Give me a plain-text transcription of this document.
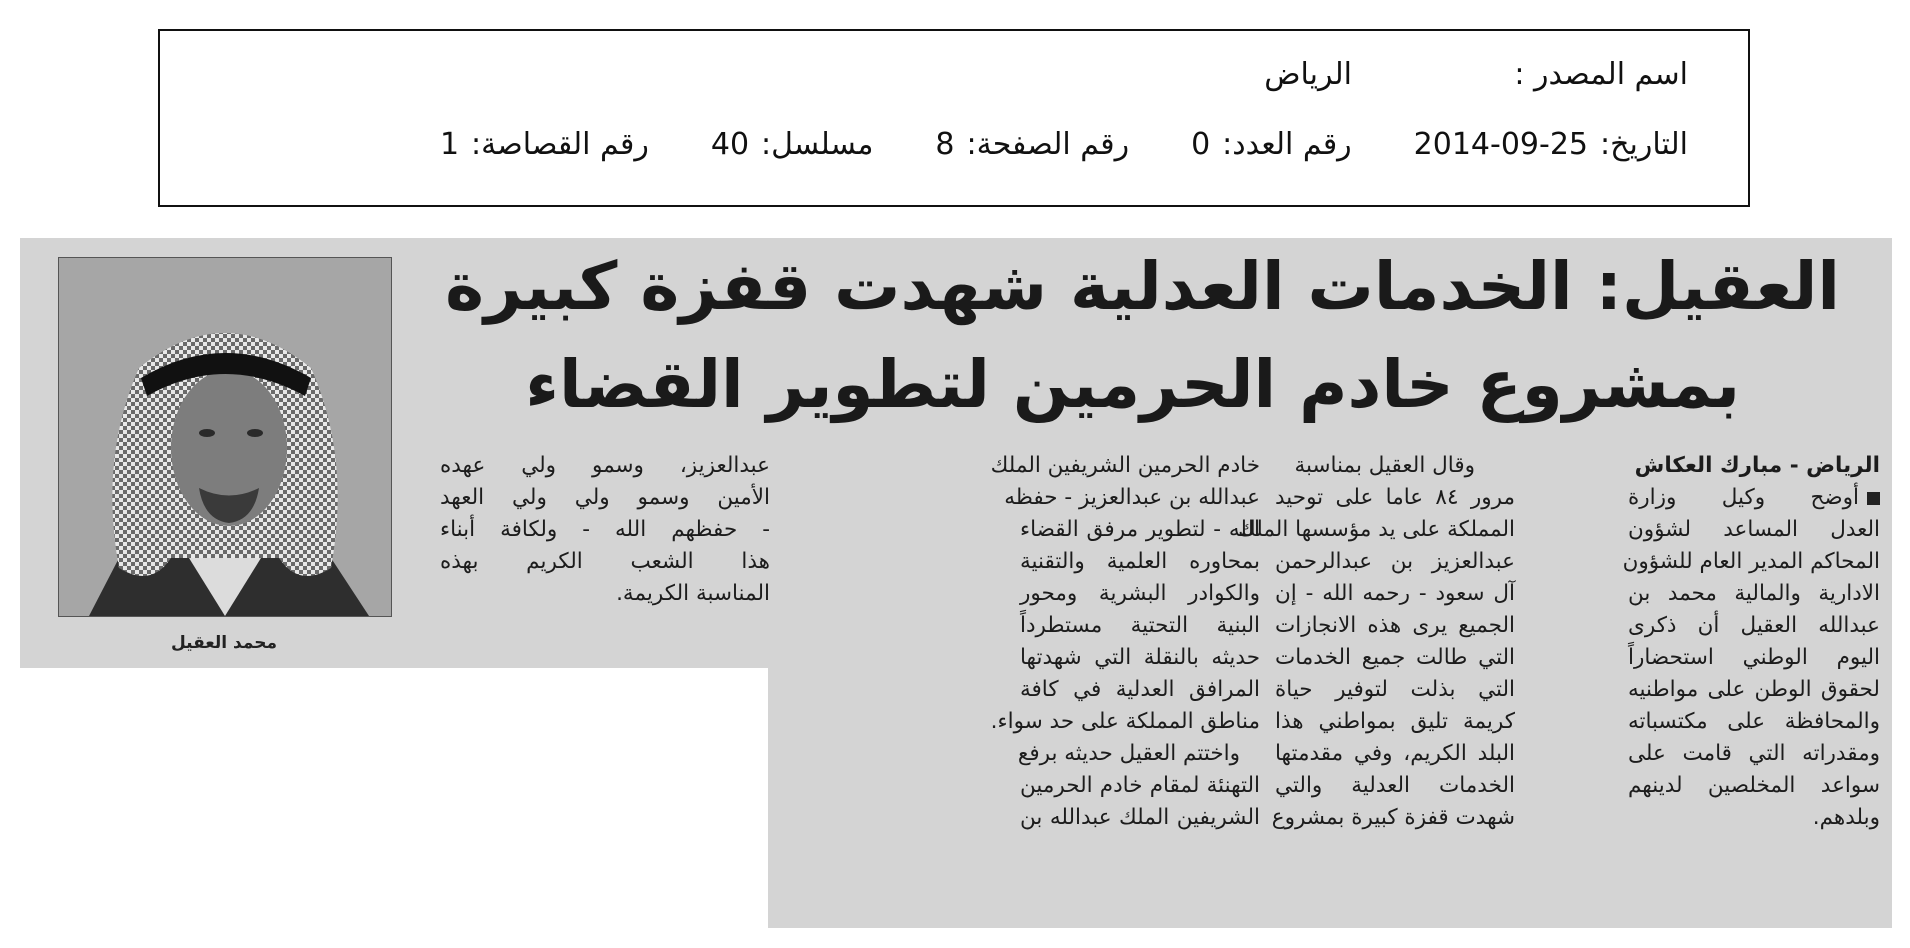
اسم المصدر :
الرياض
التاريخ:
2014-09-25
رقم العدد:
0
رقم الصفحة:
8
مسلسل:
40
رقم القصاصة:
1
العقيل: الخدمات العدلية شهدت قفزة كبيرة
بمشروع خادم الحرمين لتطوير القضاء
الرياض - مبارك العكاش
أوضح وكيل وزارة
العدل المساعد لشؤون
المحاكم المدير العام للشؤون
الادارية والمالية محمد بن
عبدالله العقيل أن ذكرى
اليوم الوطني استحضاراً
لحقوق الوطن على مواطنيه
والمحافظة على مكتسباته
ومقدراته التي قامت على
سواعد المخلصين لدينهم
وبلدهم.
وقال العقيل بمناسبة
مرور ٨٤ عاما على توحيد
المملكة على يد مؤسسها الملك
عبدالعزيز بن عبدالرحمن
آل سعود - رحمه الله - إن
الجميع يرى هذه الانجازات
التي طالت جميع الخدمات
التي بذلت لتوفير حياة
كريمة تليق بمواطني هذا
البلد الكريم، وفي مقدمتها
الخدمات العدلية والتي
شهدت قفزة كبيرة بمشروع
خادم الحرمين الشريفين الملك
عبدالله بن عبدالعزيز - حفظه
الله - لتطوير مرفق القضاء
بمحاوره العلمية والتقنية
والكوادر البشرية ومحور
البنية التحتية مستطرداً
حديثه بالنقلة التي شهدتها
المرافق العدلية في كافة
مناطق المملكة على حد سواء.
واختتم العقيل حديثه برفع
التهنئة لمقام خادم الحرمين
الشريفين الملك عبدالله بن
عبدالعزيز، وسمو ولي عهده
الأمين وسمو ولي ولي العهد
- حفظهم الله - ولكافة أبناء
هذا الشعب الكريم بهذه
المناسبة الكريمة.
محمد العقيل
